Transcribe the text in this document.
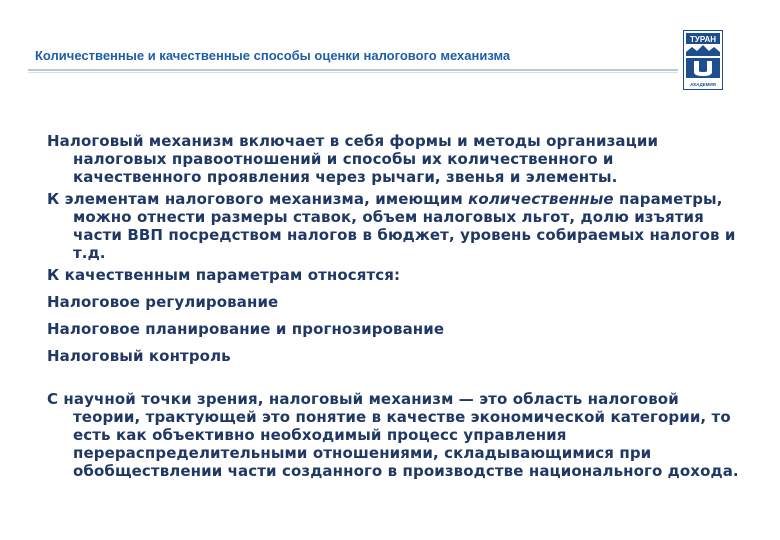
Количественные и качественные способы оценки налогового механизма
ТУРАН
АКАДЕМИЯ

Налоговый механизм включает в себя формы и методы организации налоговых правоотношений и способы их количественного и качественного проявления через рычаги, звенья и элементы.

К элементам налогового механизма, имеющим количественные параметры, можно отнести размеры ставок, объем налоговых льгот, долю изъятия части ВВП посредством налогов в бюджет, уровень собираемых налогов и т.д.

К качественным параметрам относятся:

Налоговое регулирование

Налоговое планирование и прогнозирование

Налоговый контроль

С научной точки зрения, налоговый механизм — это область налоговой теории, трактующей это понятие в качестве экономической категории, то есть как объективно необходимый процесс управления перераспределительными отношениями, складывающимися при обобществлении части созданного в производстве национального дохода.
